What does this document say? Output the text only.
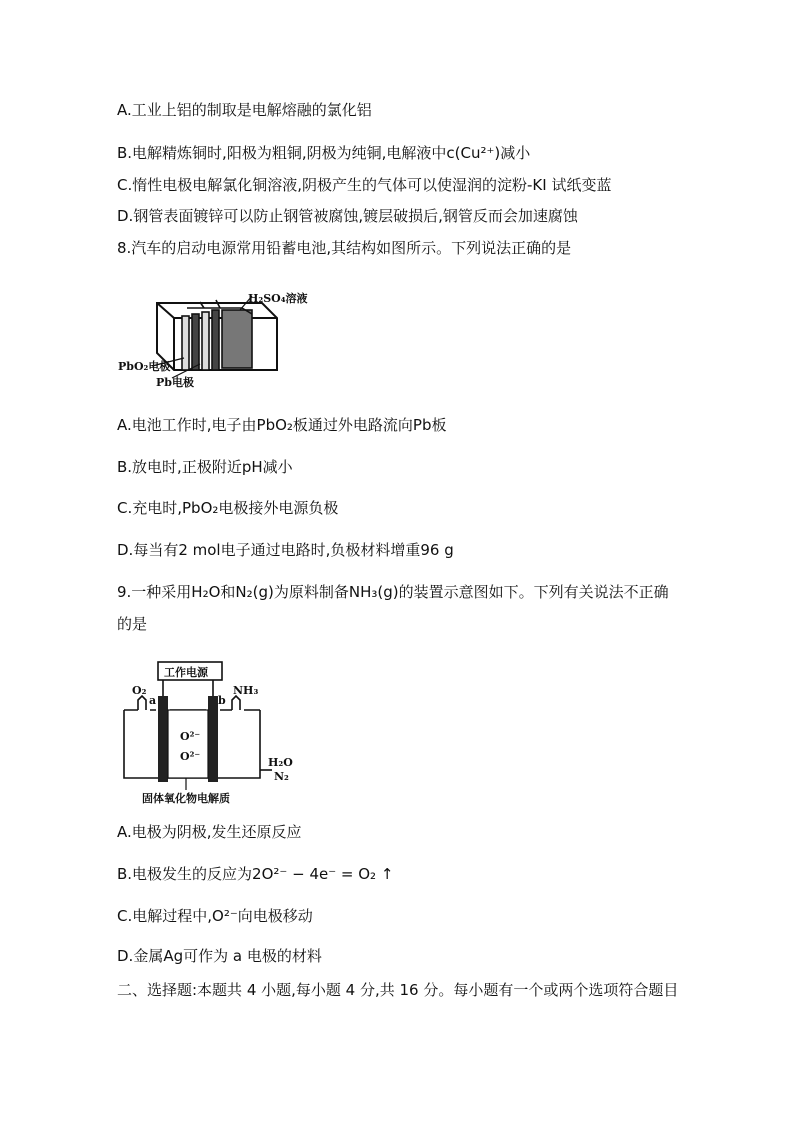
A.工业上铝的制取是电解熔融的氯化铝
B.电解精炼铜时,阳极为粗铜,阴极为纯铜,电解液中c(Cu²⁺)减小
C.惰性电极电解氯化铜溶液,阴极产生的气体可以使湿润的淀粉-KI 试纸变蓝
D.钢管表面镀锌可以防止钢管被腐蚀,镀层破损后,钢管反而会加速腐蚀
8.汽车的启动电源常用铅蓄电池,其结构如图所示。下列说法正确的是
H₂SO₄溶液
PbO₂电极
Pb电极
A.电池工作时,电子由PbO₂板通过外电路流向Pb板
B.放电时,正极附近pH减小
C.充电时,PbO₂电极接外电源负极
D.每当有2 mol电子通过电路时,负极材料增重96 g
9.一种采用H₂O和N₂(g)为原料制备NH₃(g)的装置示意图如下。下列有关说法不正确
的是
工作电源
O₂
a	b
NH₃
O²⁻
O²⁻	H₂O
N₂
固体氧化物电解质
A.电极为阴极,发生还原反应
B.电极发生的反应为2O²⁻ − 4e⁻ = O₂ ↑
C.电解过程中,O²⁻向电极移动
D.金属Ag可作为 a 电极的材料
二、选择题:本题共 4 小题,每小题 4 分,共 16 分。每小题有一个或两个选项符合题目
